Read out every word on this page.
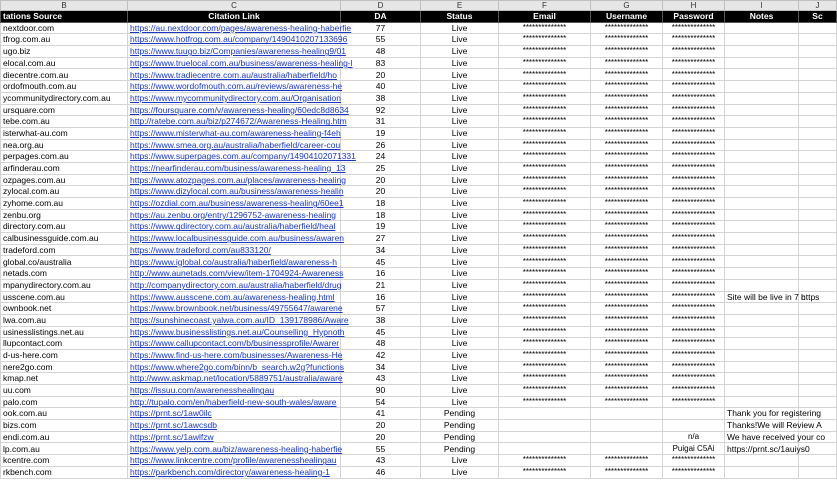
B	C	D	E	F	G	H	I	J
tations Source	Citation Link	DA	Status	Email	Username	Password	Notes	Sc
nextdoor.com	https://au.nextdoor.com/pages/awareness-healing-haberfie	77	Live	**************	**************	**************		
tfrog.com.au	https://www.hotfrog.com.au/company/1490410207133696	55	Live	**************	**************	**************		
ugo.biz	https://www.tuugo.biz/Companies/awareness-healing9/01	48	Live	**************	**************	**************		
elocal.com.au	https://www.truelocal.com.au/business/awareness-healing-l	83	Live	**************	**************	**************		
diecentre.com.au	https://www.tradiecentre.com.au/australia/haberfield/ho	20	Live	**************	**************	**************		
ordofmouth.com.au	https://www.wordofmouth.com.au/reviews/awareness-he	40	Live	**************	**************	**************		
ycommunitydirectory.com.au	https://www.mycommunitydirectory.com.au/Organisation	38	Live	**************	**************	**************		
ursquare.com	https://foursquare.com/v/awareness-healing/60edc8d8634	92	Live	**************	**************	**************		
tebe.com.au	http://ratebe.com.au/biz/p274672/Awareness-Healing.htm	31	Live	**************	**************	**************		
isterwhat-au.com	https://www.misterwhat-au.com/awareness-healing-f4eh	19	Live	**************	**************	**************		
nea.org.au	https://www.smea.org.au/australia/haberfield/career-cou	26	Live	**************	**************	**************		
perpages.com.au	https://www.superpages.com.au/company/14904102071331	24	Live	**************	**************	**************		
arfinderau.com	https://nearfinderau.com/business/awareness-healing_13	25	Live	**************	**************	**************		
ozpages.com.au	https://www.atozpages.com.au/places/awareness-healing	20	Live	**************	**************	**************		
zylocal.com.au	https://www.dizylocal.com.au/business/awareness-healin	20	Live	**************	**************	**************		
zyhome.com.au	https://ozdial.com.au/business/awareness-healing/60ee1	18	Live	**************	**************	**************		
zenbu.org	https://au.zenbu.org/entry/1296752-awareness-healing	18	Live	**************	**************	**************		
directory.com.au	https://www.qdirectory.com.au/australia/haberfield/heal	19	Live	**************	**************	**************		
calbusinessguide.com.au	https://www.localbusinessguide.com.au/business/awaren	27	Live	**************	**************	**************		
tradeford.com	https://www.tradeford.com/au833120/	34	Live	**************	**************	**************		
global.co/australia	https://www.iglobal.co/australia/haberfield/awareness-h	45	Live	**************	**************	**************		
netads.com	http://www.aunetads.com/view/item-1704924-Awareness	16	Live	**************	**************	**************		
mpanydirectory.com.au	http://companydirectory.com.au/australia/haberfield/drug	21	Live	**************	**************	**************		
usscene.com.au	https://www.ausscene.com.au/awareness-healing.html	16	Live	**************	**************	**************	Site will be live in 7 c	https
ownbook.net	https://www.brownbook.net/business/49755647/awarene	57	Live	**************	**************	**************		
lwa.com.au	https://sunshinecoast.yalwa.com.au/ID_139178986/Aware	38	Live	**************	**************	**************		
usinesslistings.net.au	https://www.businesslistings.net.au/Counselling_Hypnoth	45	Live	**************	**************	**************		
llupcontact.com	https://www.callupcontact.com/b/businessprofile/Awarer	48	Live	**************	**************	**************		
d-us-here.com	https://www.find-us-here.com/businesses/Awareness-He	42	Live	**************	**************	**************		
nere2go.com	https://www.where2go.com/binn/b_search.w2g?functions	34	Live	**************	**************	**************		
kmap.net	http://www.askmap.net/location/5889751/australia/aware	43	Live	**************	**************	**************		
uu.com	https://issuu.com/awarenesshealingau	90	Live	**************	**************	**************		
palo.com	http://tupalo.com/en/haberfield-new-south-wales/aware	54	Live	**************	**************	**************		
ook.com.au	https://prnt.sc/1aw0ilc	41	Pending				Thank you for registering	
bizs.com	https://prnt.sc/1awcsdb	20	Pending				Thanks!We will Review A	
endi.com.au	https://prnt.sc/1awlfzw	20	Pending			n/a	We have received your co	
lp.com.au	https://www.yelp.com.au/biz/awareness-healing-haberfie	55	Pending			Puigai C5Ai	https://prnt.sc/1auiys0	
kcentre.com	https://www.linkcentre.com/profile/awarenesshealingau	43	Live	**************	**************	**************		
rkbench.com	https://parkbench.com/directory/awareness-healing-1	46	Live	**************	**************	**************		
